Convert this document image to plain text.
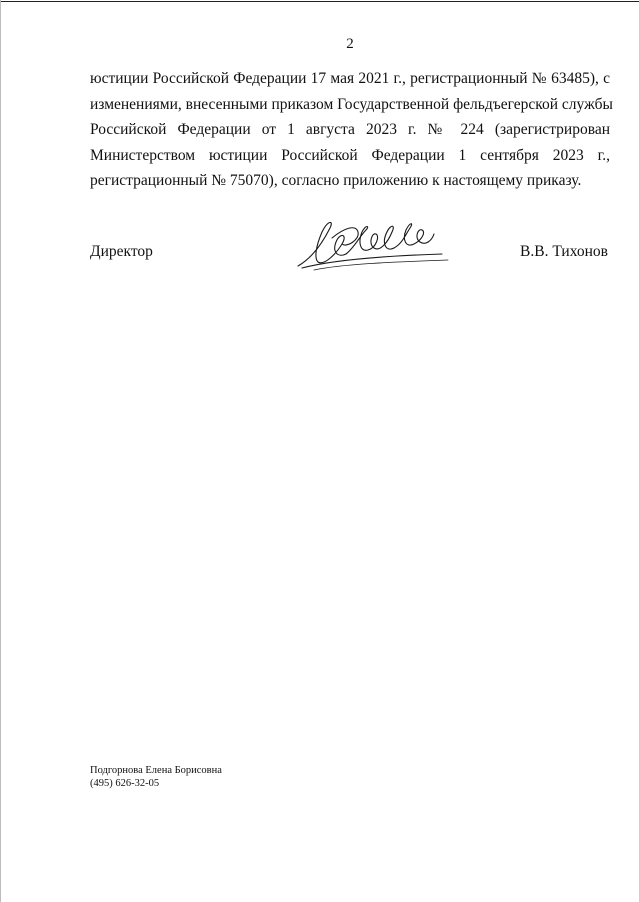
2
юстиции Российской Федерации 17 мая 2021 г., регистрационный № 63485), с
изменениями, внесенными приказом Государственной фельдъегерской службы
Российской Федерации от 1 августа 2023 г. № 224 (зарегистрирован
Министерством юстиции Российской Федерации 1 сентября 2023 г.,
регистрационный № 75070), согласно приложению к настоящему приказу.
Директор	В.В. Тихонов
Подгорнова Елена Борисовна
(495) 626-32-05
